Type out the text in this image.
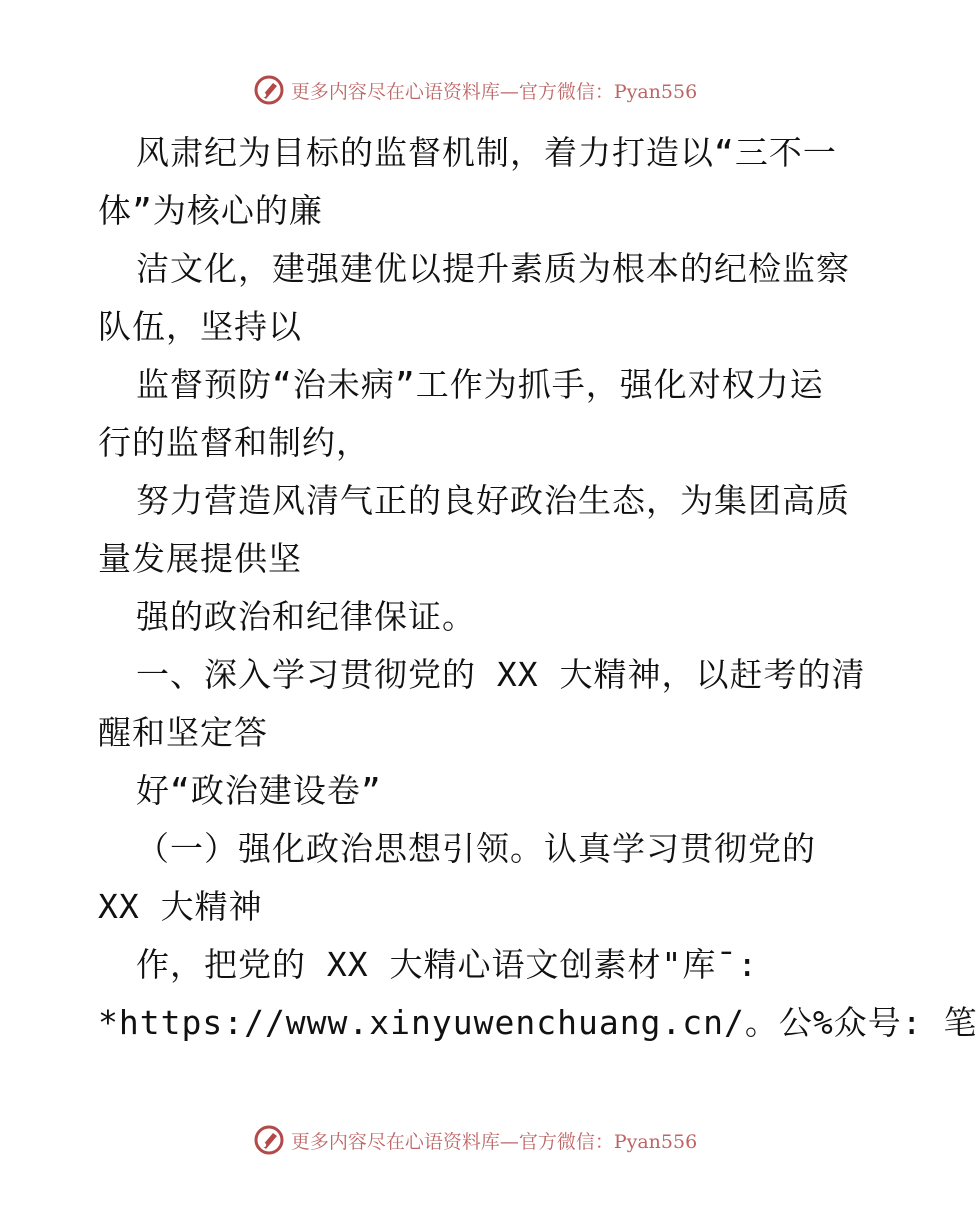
更多内容尽在心语资料库—官方微信：Pyan556
风肃纪为目标的监督机制，着力打造以“三不一
体”为核心的廉
洁文化，建强建优以提升素质为根本的纪检监察
队伍，坚持以
监督预防“治未病”工作为抓手，强化对权力运
行的监督和制约，
努力营造风清气正的良好政治生态，为集团高质
量发展提供坚
强的政治和纪律保证。
一、深入学习贯彻党的 XX 大精神，以赶考的清
醒和坚定答
好“政治建设卷”
（一）强化政治思想引领。认真学习贯彻党的
XX 大精神
作，把党的 XX 大精心语文创素材"库¯:
*https://www.xinyuwenchuang.cn/。公%众号: 笔
更多内容尽在心语资料库—官方微信：Pyan556
